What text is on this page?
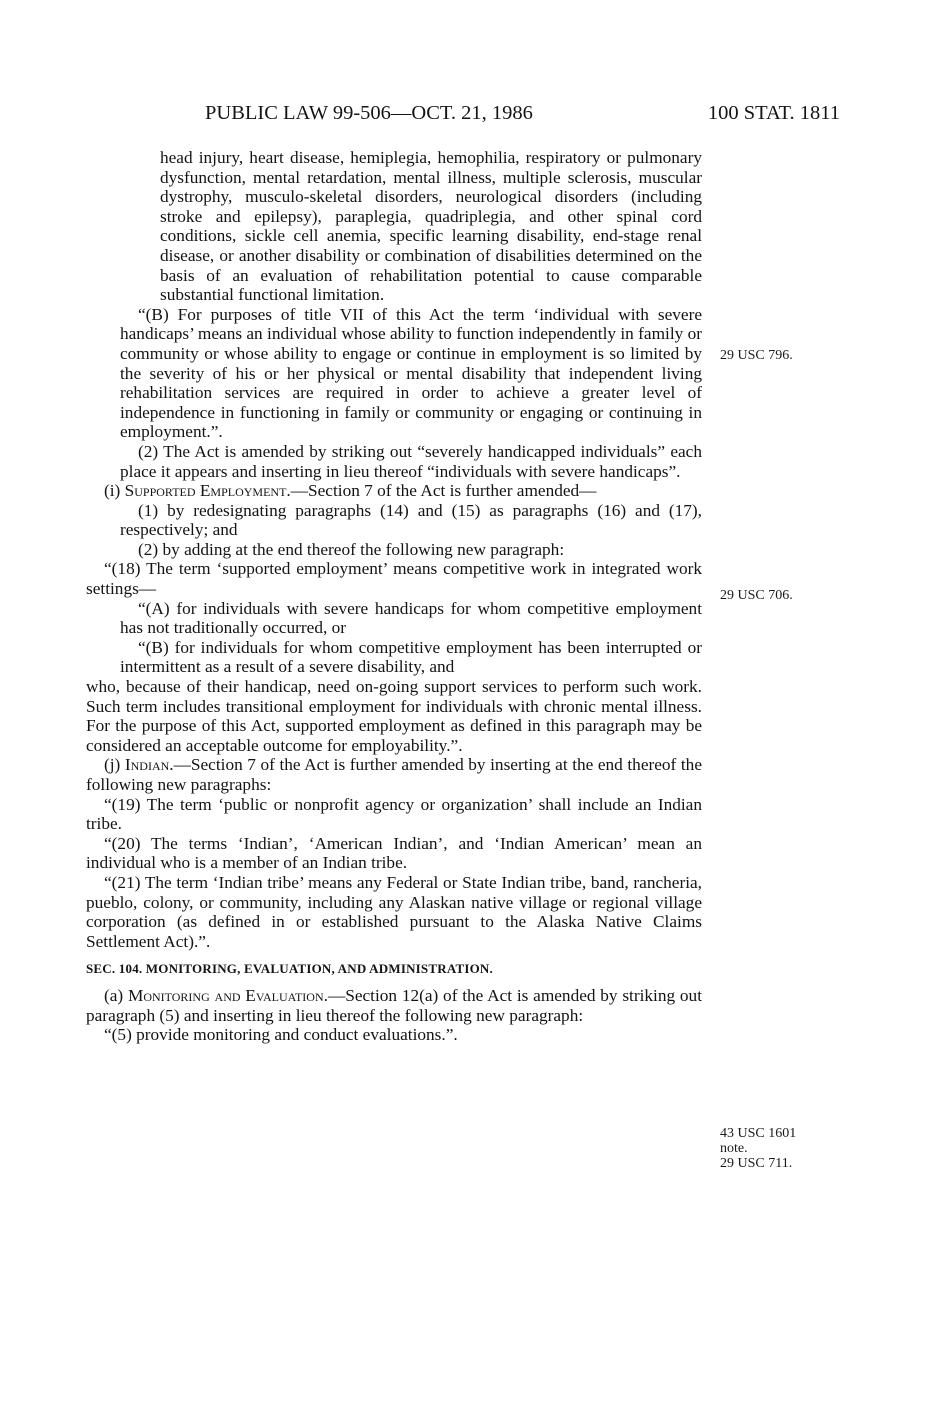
PUBLIC LAW 99-506—OCT. 21, 1986	100 STAT. 1811

head injury, heart disease, hemiplegia, hemophilia, respiratory or pulmonary dysfunction, mental retardation, mental illness, multiple sclerosis, muscular dystrophy, musculo-skeletal disorders, neurological disorders (including stroke and epilepsy), paraplegia, quadriplegia, and other spinal cord conditions, sickle cell anemia, specific learning disability, end-stage renal disease, or another disability or combination of disabilities determined on the basis of an evaluation of rehabilitation potential to cause comparable substantial functional limitation.

“(B) For purposes of title VII of this Act the term ‘individual with severe handicaps’ means an individual whose ability to function independently in family or community or whose ability to engage or continue in employment is so limited by the severity of his or her physical or mental disability that independent living rehabilitation services are required in order to achieve a greater level of independence in functioning in family or community or engaging or continuing in employment.”.

(2) The Act is amended by striking out “severely handicapped individuals” each place it appears and inserting in lieu thereof “individuals with severe handicaps”.

(i) Supported Employment.—Section 7 of the Act is further amended—

(1) by redesignating paragraphs (14) and (15) as paragraphs (16) and (17), respectively; and

(2) by adding at the end thereof the following new paragraph:

“(18) The term ‘supported employment’ means competitive work in integrated work settings—

“(A) for individuals with severe handicaps for whom competitive employment has not traditionally occurred, or

“(B) for individuals for whom competitive employment has been interrupted or intermittent as a result of a severe disability, and

who, because of their handicap, need on-going support services to perform such work. Such term includes transitional employment for individuals with chronic mental illness. For the purpose of this Act, supported employment as defined in this paragraph may be considered an acceptable outcome for employability.”.

(j) Indian.—Section 7 of the Act is further amended by inserting at the end thereof the following new paragraphs:

“(19) The term ‘public or nonprofit agency or organization’ shall include an Indian tribe.

“(20) The terms ‘Indian’, ‘American Indian’, and ‘Indian American’ mean an individual who is a member of an Indian tribe.

“(21) The term ‘Indian tribe’ means any Federal or State Indian tribe, band, rancheria, pueblo, colony, or community, including any Alaskan native village or regional village corporation (as defined in or established pursuant to the Alaska Native Claims Settlement Act).”.

SEC. 104. MONITORING, EVALUATION, AND ADMINISTRATION.

(a) Monitoring and Evaluation.—Section 12(a) of the Act is amended by striking out paragraph (5) and inserting in lieu thereof the following new paragraph:

“(5) provide monitoring and conduct evaluations.”.

29 USC 796.
29 USC 706.
43 USC 1601
note.
29 USC 711.
